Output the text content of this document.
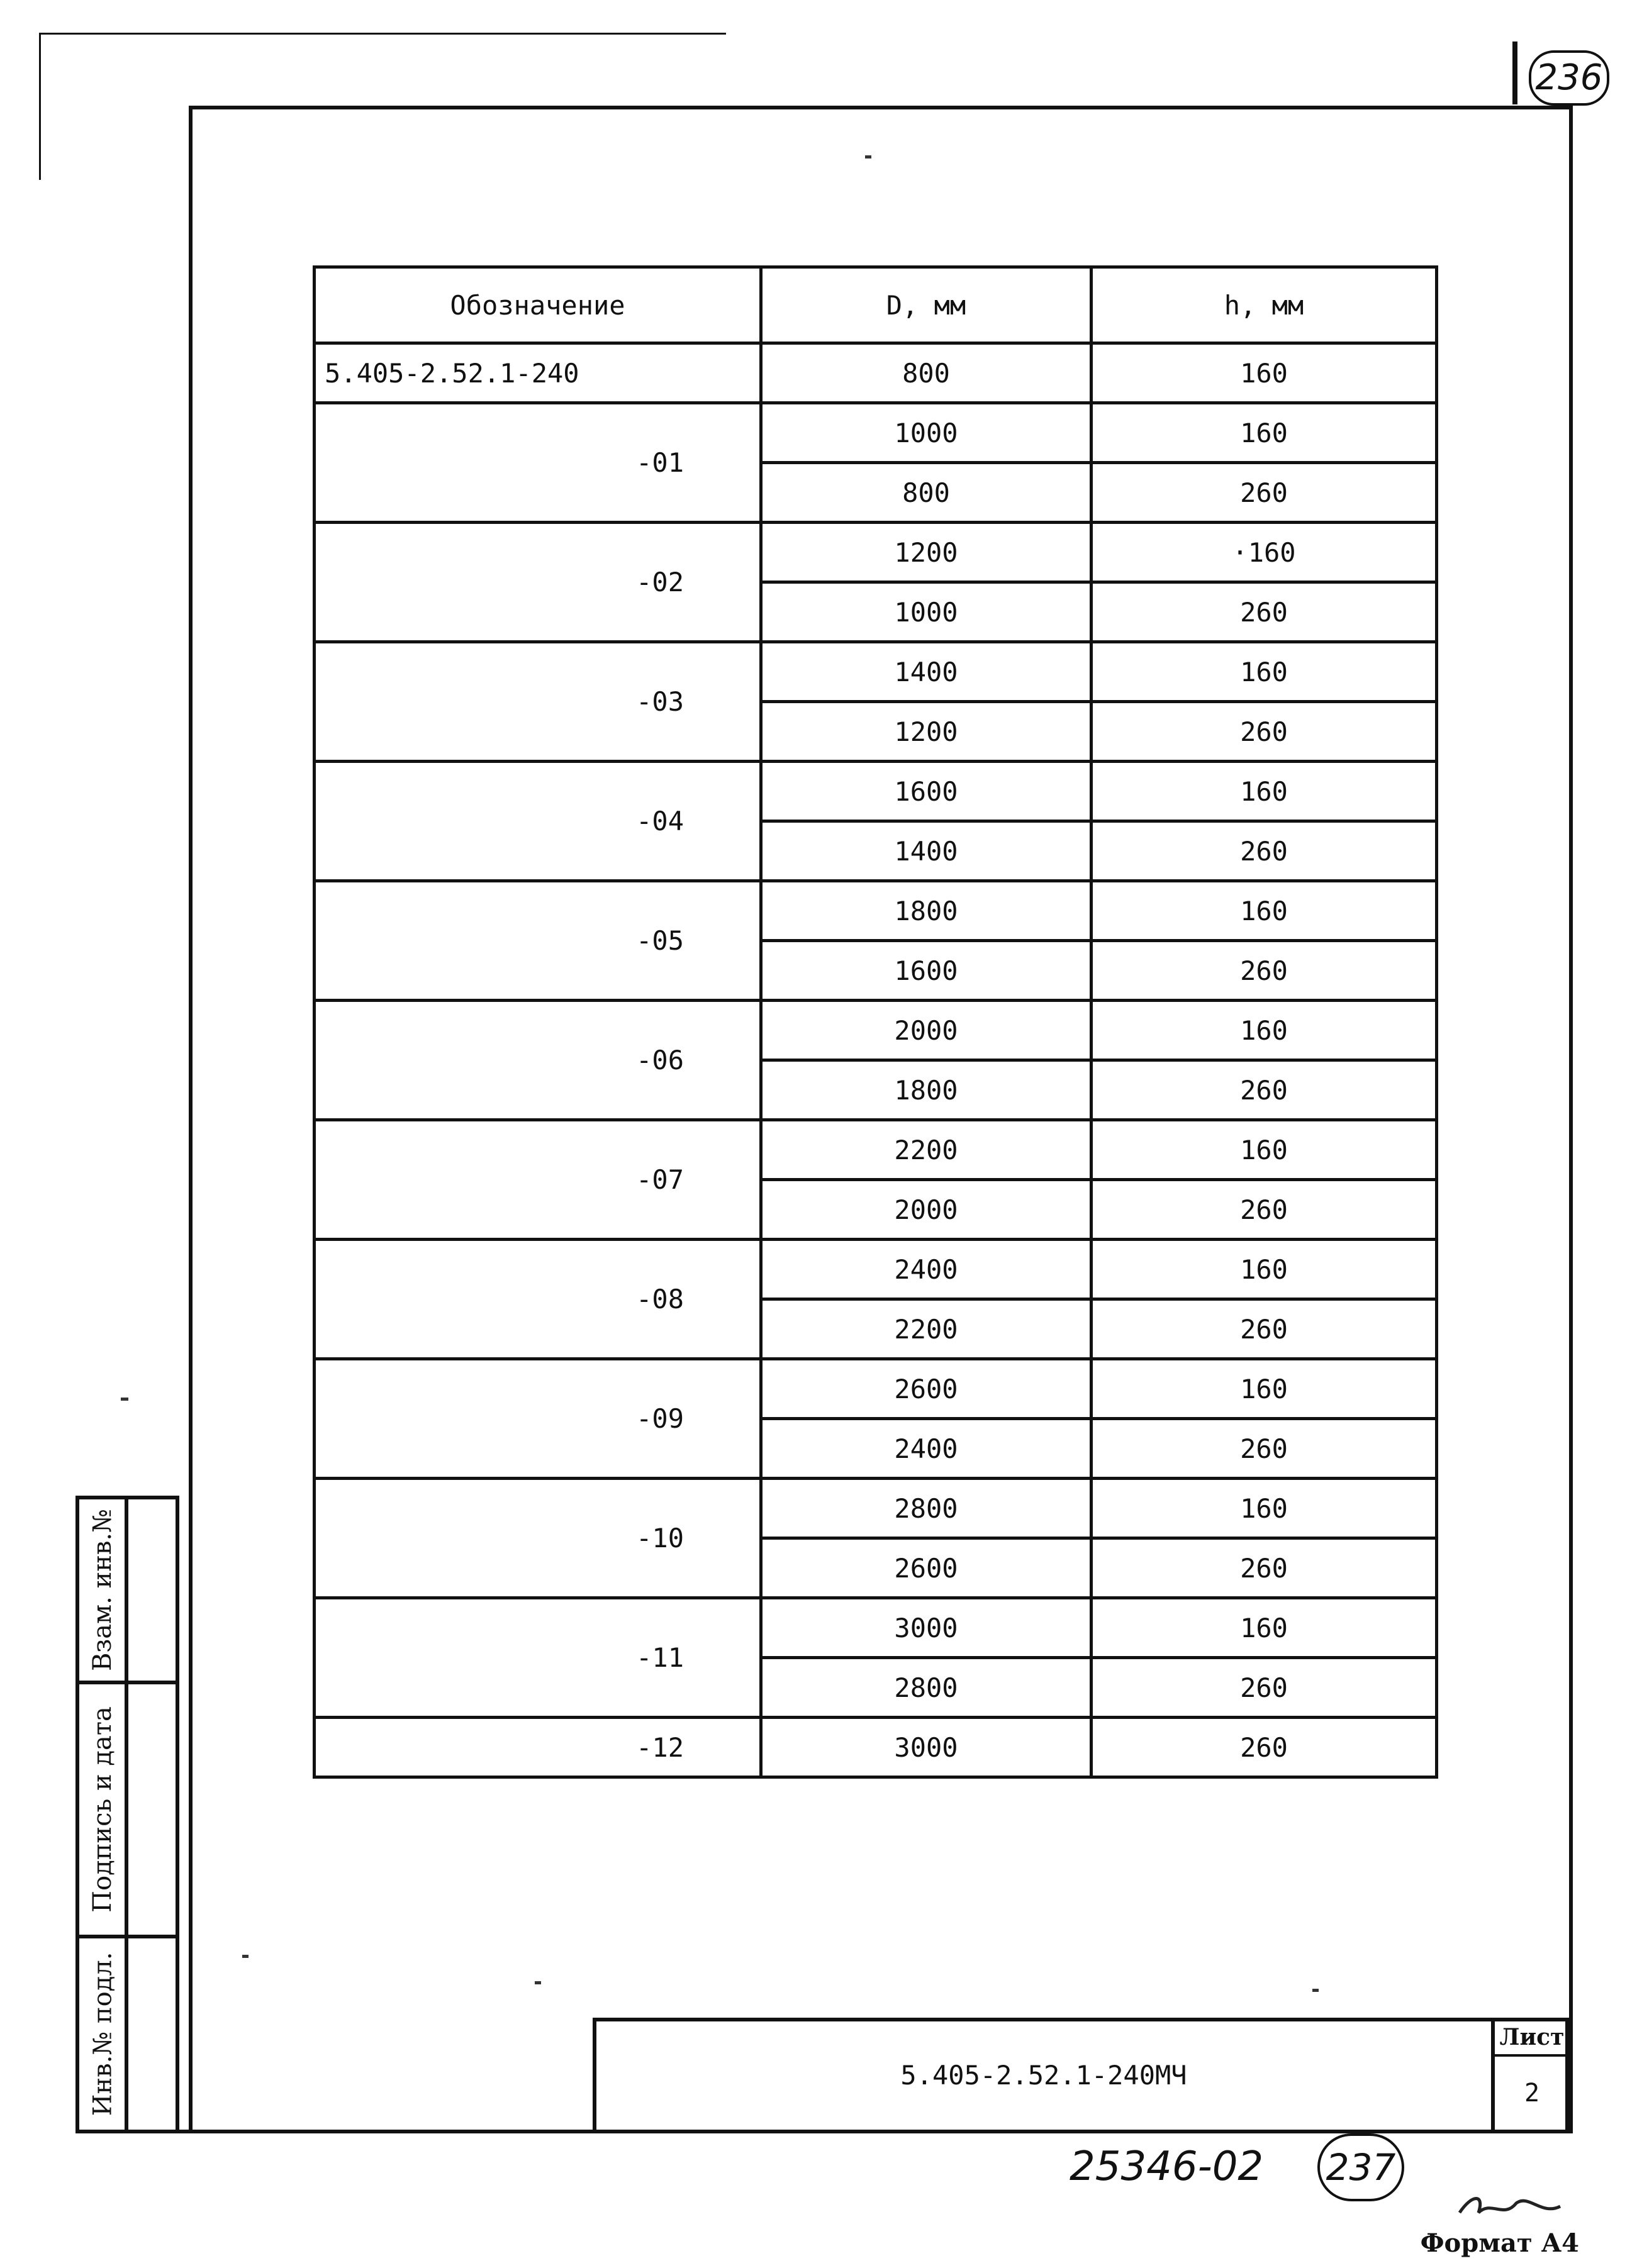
236
Взам. инв.№
Подпись и дата
Инв.№ подл.
Обозначение	D, мм	h, мм
5.405-2.52.1-240	800	160
-01	1000	160
	800	260
-02	1200	·160
	1000	260
-03	1400	160
	1200	260
-04	1600	160
	1400	260
-05	1800	160
	1600	260
-06	2000	160
	1800	260
-07	2200	160
	2000	260
-08	2400	160
	2200	260
-09	2600	160
	2400	260
-10	2800	160
	2600	260
-11	3000	160
	2800	260
-12	3000	260
5.405-2.52.1-240МЧ
Лист
2
25346-02	237
Формат А4
